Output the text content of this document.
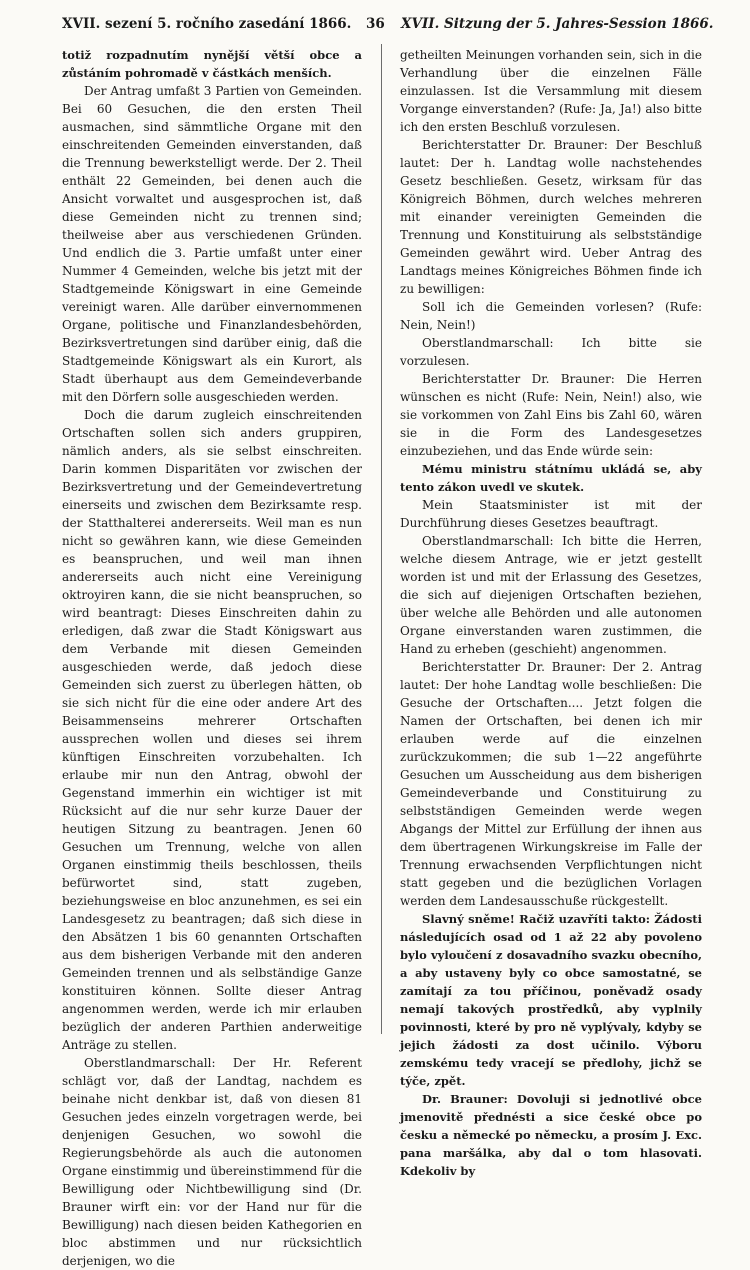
XVII. sezení 5. ročního zasedání 1866. 36 XVII. Sitzung der 5. Jahres-Session 1866.

totiž rozpadnutím nynější větší obce a zůstáním pohromadě v částkách menších.

Der Antrag umfaßt 3 Partien von Gemeinden. Bei 60 Gesuchen, die den ersten Theil ausmachen, sind sämmtliche Organe mit den einschreitenden Gemeinden einverstanden, daß die Trennung bewerkstelligt werde. Der 2. Theil enthält 22 Gemeinden, bei denen auch die Ansicht vorwaltet und ausgesprochen ist, daß diese Gemeinden nicht zu trennen sind; theilweise aber aus verschiedenen Gründen. Und endlich die 3. Partie umfaßt unter einer Nummer 4 Gemeinden, welche bis jetzt mit der Stadtgemeinde Königswart in eine Gemeinde vereinigt waren. Alle darüber einvernommenen Organe, politische und Finanzlandesbehörden, Bezirksvertretungen sind darüber einig, daß die Stadtgemeinde Königswart als ein Kurort, als Stadt überhaupt aus dem Gemeindeverbande mit den Dörfern solle ausgeschieden werden.

Doch die darum zugleich einschreitenden Ortschaften sollen sich anders gruppiren, nämlich anders, als sie selbst einschreiten. Darin kommen Disparitäten vor zwischen der Bezirksvertretung und der Gemeindevertretung einerseits und zwischen dem Bezirksamte resp. der Statthalterei andererseits. Weil man es nun nicht so gewähren kann, wie diese Gemeinden es beanspruchen, und weil man ihnen andererseits auch nicht eine Vereinigung oktroyiren kann, die sie nicht beanspruchen, so wird beantragt: Dieses Einschreiten dahin zu erledigen, daß zwar die Stadt Königswart aus dem Verbande mit diesen Gemeinden ausgeschieden werde, daß jedoch diese Gemeinden sich zuerst zu überlegen hätten, ob sie sich nicht für die eine oder andere Art des Beisammenseins mehrerer Ortschaften aussprechen wollen und dieses sei ihrem künftigen Einschreiten vorzubehalten. Ich erlaube mir nun den Antrag, obwohl der Gegenstand immerhin ein wichtiger ist mit Rücksicht auf die nur sehr kurze Dauer der heutigen Sitzung zu beantragen. Jenen 60 Gesuchen um Trennung, welche von allen Organen einstimmig theils beschlossen, theils befürwortet sind, statt zugeben, beziehungsweise en bloc anzunehmen, es sei ein Landesgesetz zu beantragen; daß sich diese in den Absätzen 1 bis 60 genannten Ortschaften aus dem bisherigen Verbande mit den anderen Gemeinden trennen und als selbständige Ganze konstituiren können. Sollte dieser Antrag angenommen werden, werde ich mir erlauben bezüglich der anderen Parthien anderweitige Anträge zu stellen.

Oberstlandmarschall: Der Hr. Referent schlägt vor, daß der Landtag, nachdem es beinahe nicht denkbar ist, daß von diesen 81 Gesuchen jedes einzeln vorgetragen werde, bei denjenigen Gesuchen, wo sowohl die Regierungsbehörde als auch die autonomen Organe einstimmig und übereinstimmend für die Bewilligung oder Nichtbewilligung sind (Dr. Brauner wirft ein: vor der Hand nur für die Bewilligung) nach diesen beiden Kathegorien en bloc abstimmen und nur rücksichtlich derjenigen, wo die

getheilten Meinungen vorhanden sein, sich in die Verhandlung über die einzelnen Fälle einzulassen. Ist die Versammlung mit diesem Vorgange einverstanden? (Rufe: Ja, Ja!) also bitte ich den ersten Beschluß vorzulesen.

Berichterstatter Dr. Brauner: Der Beschluß lautet: Der h. Landtag wolle nachstehendes Gesetz beschließen. Gesetz, wirksam für das Königreich Böhmen, durch welches mehreren mit einander vereinigten Gemeinden die Trennung und Konstituirung als selbstständige Gemeinden gewährt wird. Ueber Antrag des Landtags meines Königreiches Böhmen finde ich zu bewilligen:

Soll ich die Gemeinden vorlesen? (Rufe: Nein, Nein!)

Oberstlandmarschall: Ich bitte sie vorzulesen.

Berichterstatter Dr. Brauner: Die Herren wünschen es nicht (Rufe: Nein, Nein!) also, wie sie vorkommen von Zahl Eins bis Zahl 60, wären sie in die Form des Landesgesetzes einzubeziehen, und das Ende würde sein:

Mému ministru státnímu ukládá se, aby tento zákon uvedl ve skutek.

Mein Staatsminister ist mit der Durchführung dieses Gesetzes beauftragt.

Oberstlandmarschall: Ich bitte die Herren, welche diesem Antrage, wie er jetzt gestellt worden ist und mit der Erlassung des Gesetzes, die sich auf diejenigen Ortschaften beziehen, über welche alle Behörden und alle autonomen Organe einverstanden waren zustimmen, die Hand zu erheben (geschieht) angenommen.

Berichterstatter Dr. Brauner: Der 2. Antrag lautet: Der hohe Landtag wolle beschließen: Die Gesuche der Ortschaften.... Jetzt folgen die Namen der Ortschaften, bei denen ich mir erlauben werde auf die einzelnen zurückzukommen; die sub 1—22 angeführte Gesuchen um Ausscheidung aus dem bisherigen Gemeindeverbande und Constituirung zu selbstständigen Gemeinden werde wegen Abgangs der Mittel zur Erfüllung der ihnen aus dem übertragenen Wirkungskreise im Falle der Trennung erwachsenden Verpflichtungen nicht statt gegeben und die bezüglichen Vorlagen werden dem Landesausschuße rückgestellt.

Slavný sněme! Račiž uzavříti takto: Žádosti následujících osad od 1 až 22 aby povoleno bylo vyloučení z dosavadního svazku obecního, a aby ustaveny byly co obce samostatné, se zamítají za tou příčinou, poněvadž osady nemají takových prostředků, aby vyplnily povinnosti, které by pro ně vyplývaly, kdyby se jejich žádosti za dost učinilo. Výboru zemskému tedy vracejí se předlohy, jichž se týče, zpět.

Dr. Brauner: Dovoluji si jednotlivé obce jmenovitě přednésti a sice české obce po česku a německé po německu, a prosím J. Exc. pana maršálka, aby dal o tom hlasovati. Kdekoliv by
